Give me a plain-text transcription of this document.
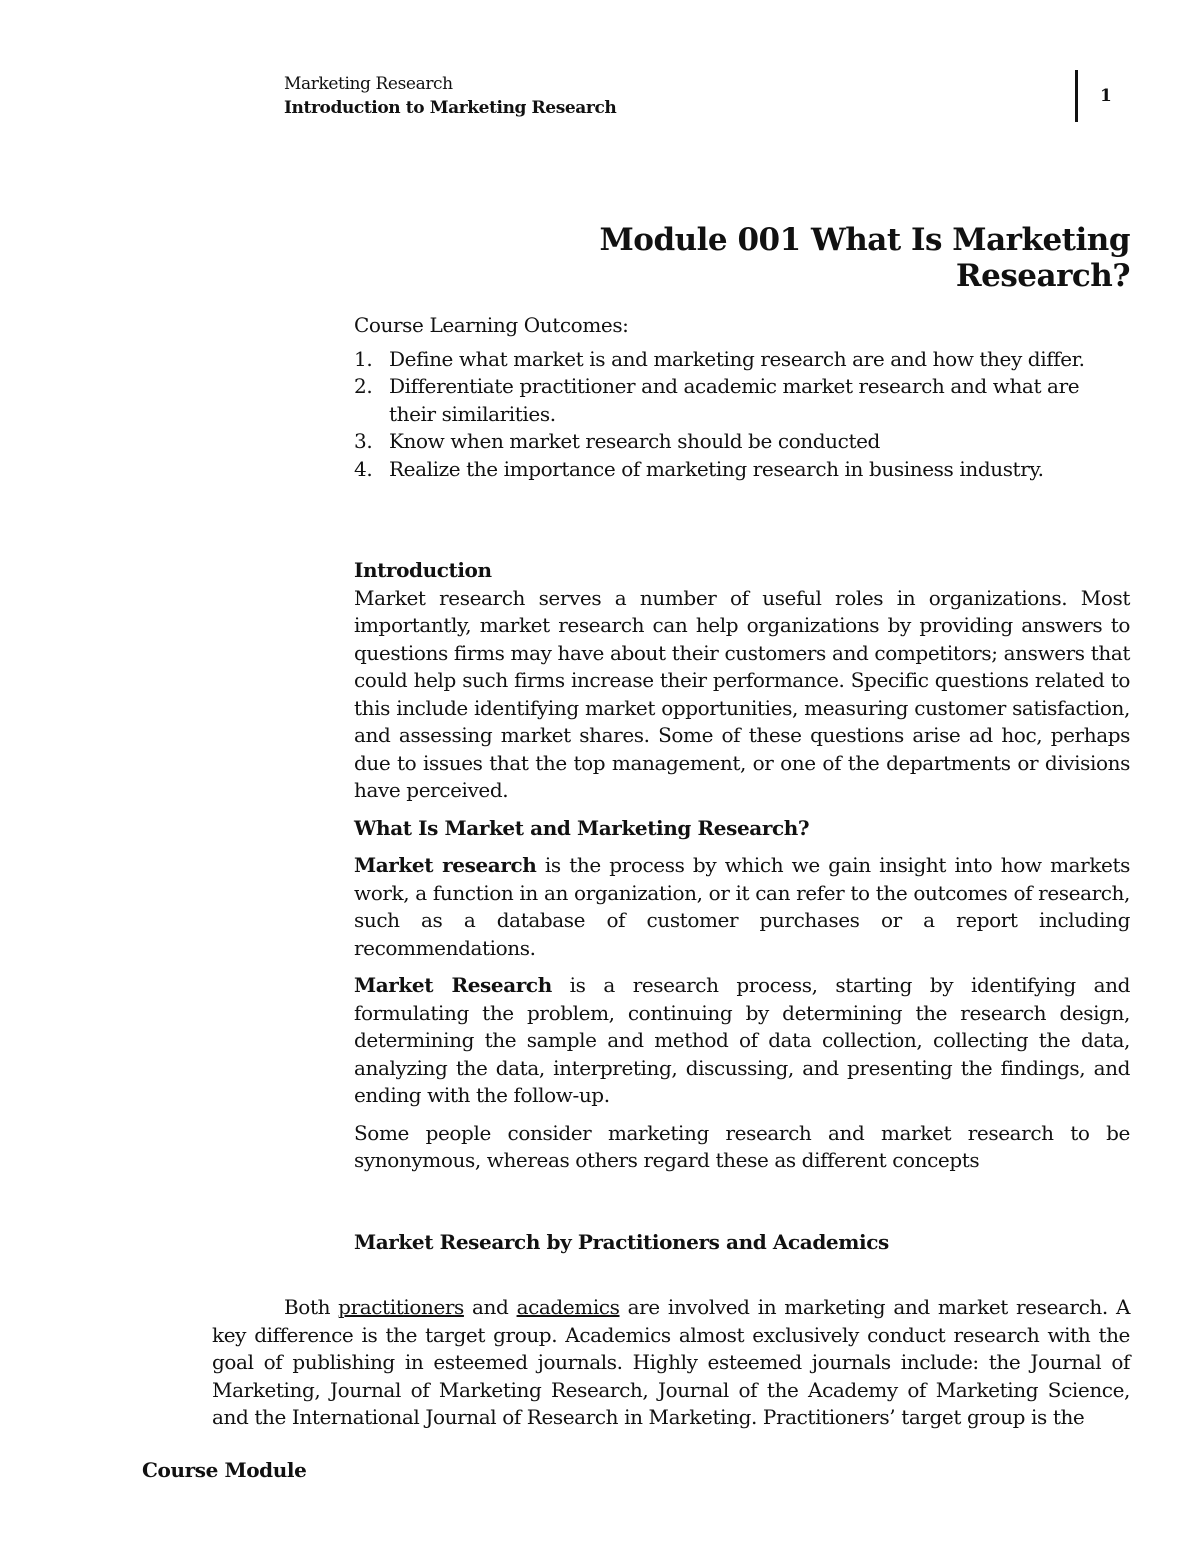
Marketing Research
Introduction to Marketing Research
1
Module 001 What Is Marketing Research?

Course Learning Outcomes:

1. Define what market is and marketing research are and how they differ.
2. Differentiate practitioner and academic market research and what are their similarities.
3. Know when market research should be conducted
4. Realize the importance of marketing research in business industry.

Introduction

Market research serves a number of useful roles in organizations. Most importantly, market research can help organizations by providing answers to questions firms may have about their customers and competitors; answers that could help such firms increase their performance. Specific questions related to this include identifying market opportunities, measuring customer satisfaction, and assessing market shares. Some of these questions arise ad hoc, perhaps due to issues that the top management, or one of the departments or divisions have perceived.

What Is Market and Marketing Research?

Market research is the process by which we gain insight into how markets work, a function in an organization, or it can refer to the outcomes of research, such as a database of customer purchases or a report including recommendations.

Market Research is a research process, starting by identifying and formulating the problem, continuing by determining the research design, determining the sample and method of data collection, collecting the data, analyzing the data, interpreting, discussing, and presenting the findings, and ending with the follow-up.

Some people consider marketing research and market research to be synonymous, whereas others regard these as different concepts

Market Research by Practitioners and Academics

Both practitioners and academics are involved in marketing and market research. A key difference is the target group. Academics almost exclusively conduct research with the goal of publishing in esteemed journals. Highly esteemed journals include: the Journal of Marketing, Journal of Marketing Research, Journal of the Academy of Marketing Science, and the International Journal of Research in Marketing. Practitioners’ target group is the

Course Module
